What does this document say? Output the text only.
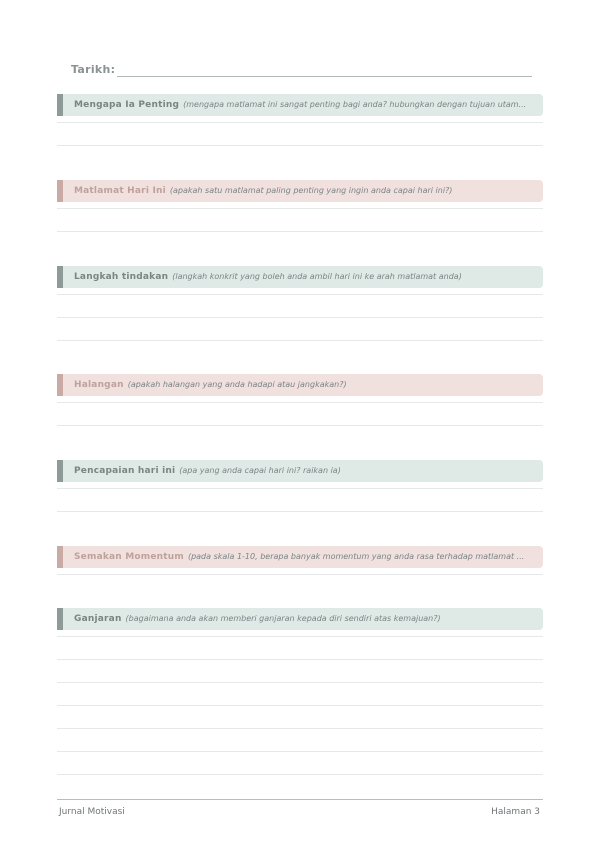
Tarikh:
Mengapa Ia Penting (mengapa matlamat ini sangat penting bagi anda? hubungkan dengan tujuan utam...
Matlamat Hari Ini (apakah satu matlamat paling penting yang ingin anda capai hari ini?)
Langkah tindakan (langkah konkrit yang boleh anda ambil hari ini ke arah matlamat anda)
Halangan (apakah halangan yang anda hadapi atau jangkakan?)
Pencapaian hari ini (apa yang anda capai hari ini? raikan ia)
Semakan Momentum (pada skala 1-10, berapa banyak momentum yang anda rasa terhadap matlamat ...
Ganjaran (bagaimana anda akan memberi ganjaran kepada diri sendiri atas kemajuan?)
Jurnal Motivasi	Halaman 3
